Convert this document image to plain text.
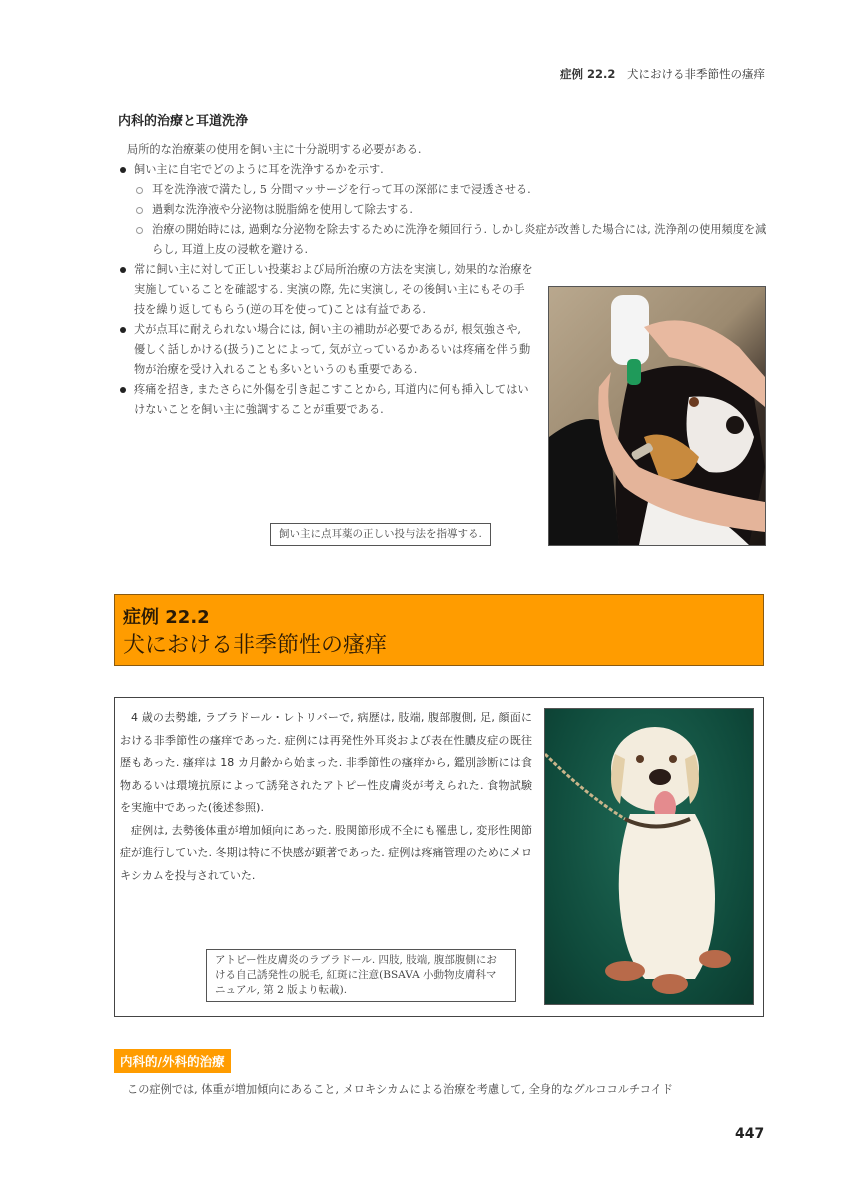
症例 22.2 犬における非季節性の瘙痒
内科的治療と耳道洗浄
局所的な治療薬の使用を飼い主に十分説明する必要がある.
飼い主に自宅でどのように耳を洗浄するかを示す.
耳を洗浄液で満たし, 5 分間マッサージを行って耳の深部にまで浸透させる.
過剰な洗浄液や分泌物は脱脂綿を使用して除去する.
治療の開始時には, 過剰な分泌物を除去するために洗浄を頻回行う. しかし炎症が改善した場合には, 洗浄剤の使用頻度を減らし, 耳道上皮の浸軟を避ける.
常に飼い主に対して正しい投薬および局所治療の方法を実演し, 効果的な治療を実施していることを確認する. 実演の際, 先に実演し, その後飼い主にもその手技を繰り返してもらう(逆の耳を使って)ことは有益である.
犬が点耳に耐えられない場合には, 飼い主の補助が必要であるが, 根気強さや, 優しく話しかける(扱う)ことによって, 気が立っているかあるいは疼痛を伴う動物が治療を受け入れることも多いというのも重要である.
疼痛を招き, またさらに外傷を引き起こすことから, 耳道内に何も挿入してはいけないことを飼い主に強調することが重要である.
飼い主に点耳薬の正しい投与法を指導する.
症例 22.2
犬における非季節性の瘙痒

4 歳の去勢雄, ラブラドール・レトリバーで, 病歴は, 肢端, 腹部腹側, 足, 顔面における非季節性の瘙痒であった. 症例には再発性外耳炎および表在性膿皮症の既往歴もあった. 瘙痒は 18 カ月齢から始まった. 非季節性の瘙痒から, 鑑別診断には食物あるいは環境抗原によって誘発されたアトピー性皮膚炎が考えられた. 食物試験を実施中であった(後述参照).

症例は, 去勢後体重が増加傾向にあった. 股関節形成不全にも罹患し, 変形性関節症が進行していた. 冬期は特に不快感が顕著であった. 症例は疼痛管理のためにメロキシカムを投与されていた.

アトピー性皮膚炎のラブラドール. 四肢, 肢端, 腹部腹側における自己誘発性の脱毛, 紅斑に注意(BSAVA 小動物皮膚科マニュアル, 第 2 版より転載).
内科的/外科的治療
この症例では, 体重が増加傾向にあること, メロキシカムによる治療を考慮して, 全身的なグルココルチコイド
447
